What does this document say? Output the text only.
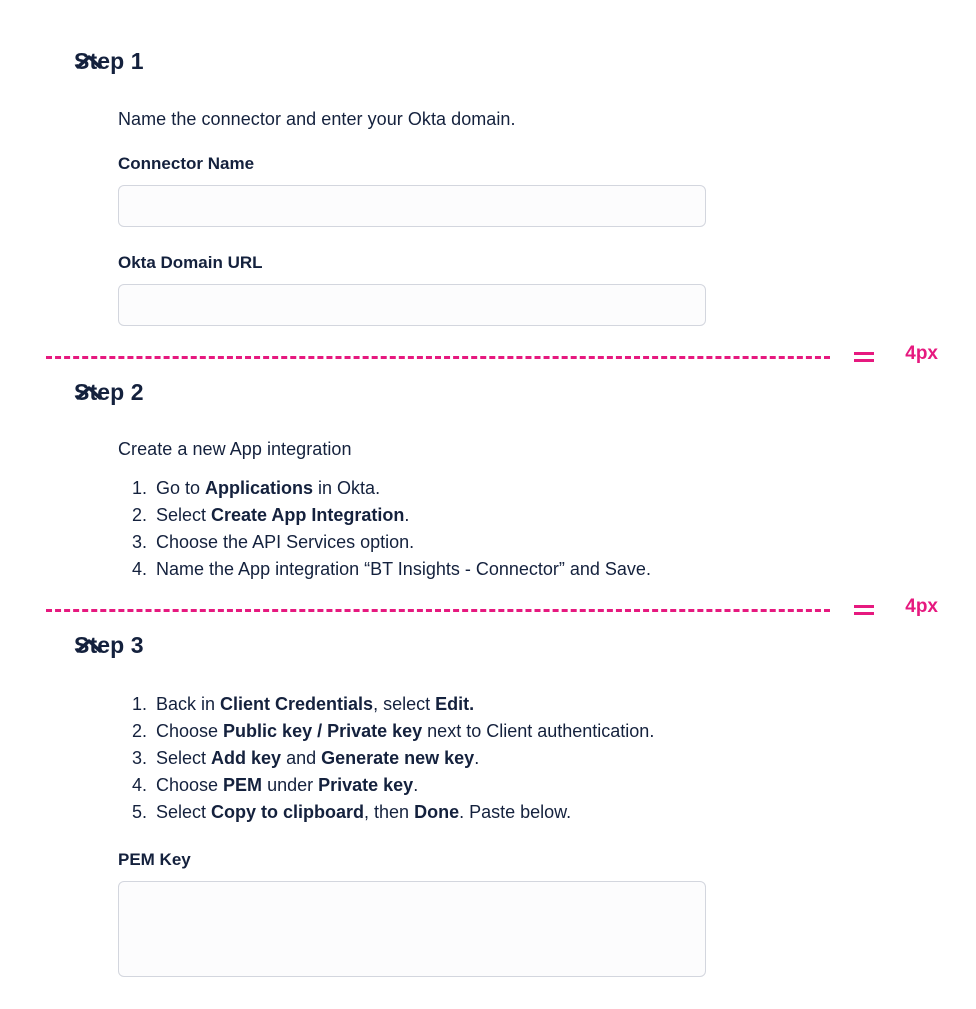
Step 1

Name the connector and enter your Okta domain.

Connector Name

Okta Domain URL

4px
Step 2

Create a new App integration

1. Go to Applications in Okta.
2. Select Create App Integration.
3. Choose the API Services option.
4. Name the App integration “BT Insights - Connector” and Save.
4px
Step 3
1. Back in Client Credentials, select Edit.
2. Choose Public key / Private key next to Client authentication.
3. Select Add key and Generate new key.
4. Choose PEM under Private key.
5. Select Copy to clipboard, then Done. Paste below.

PEM Key
